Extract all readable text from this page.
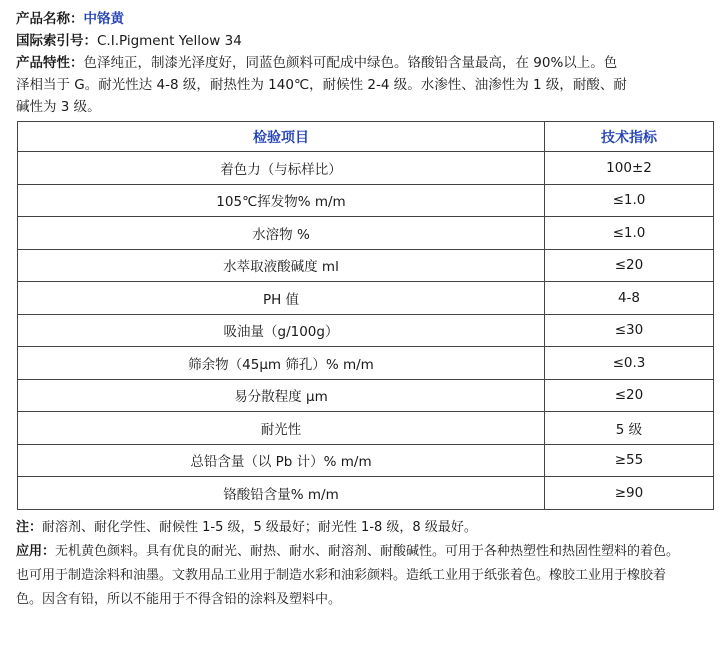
产品名称：中铬黄
国际索引号：C.I.Pigment Yellow 34
产品特性：色泽纯正，制漆光泽度好，同蓝色颜料可配成中绿色。铬酸铅含量最高，在 90%以上。色
泽相当于 G。耐光性达 4-8 级，耐热性为 140℃，耐候性 2-4 级。水渗性、油渗性为 1 级，耐酸、耐
碱性为 3 级。
检验项目	技术指标
着色力（与标样比）	100±2
105℃挥发物% m/m	≤1.0
水溶物 %	≤1.0
水萃取液酸碱度 ml	≤20
PH 值	4-8
吸油量（g/100g）	≤30
筛余物（45μm 筛孔）% m/m	≤0.3
易分散程度 μm	≤20
耐光性	5 级
总铅含量（以 Pb 计）% m/m	≥55
铬酸铅含量% m/m	≥90
注：耐溶剂、耐化学性、耐候性 1-5 级，5 级最好；耐光性 1-8 级，8 级最好。
应用：无机黄色颜料。具有优良的耐光、耐热、耐水、耐溶剂、耐酸碱性。可用于各种热塑性和热固性塑料的着色。
也可用于制造涂料和油墨。文教用品工业用于制造水彩和油彩颜料。造纸工业用于纸张着色。橡胶工业用于橡胶着
色。因含有铅，所以不能用于不得含铅的涂料及塑料中。
